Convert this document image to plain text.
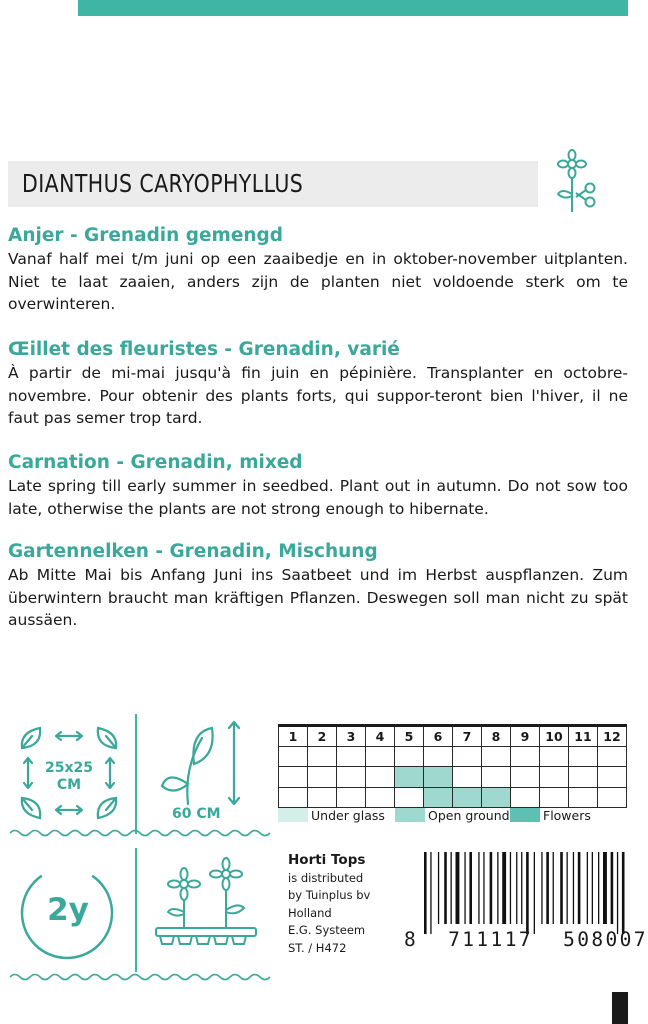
DIANTHUS CARYOPHYLLUS
Anjer - Grenadin gemengd

Vanaf half mei t/m juni op een zaaibedje en in oktober-november uitplanten. Niet te laat zaaien, anders zijn de planten niet voldoende sterk om te overwinteren.

Œillet des fleuristes - Grenadin, varié

À partir de mi-mai jusqu'à fin juin en pépinière. Transplanter en octobre-novembre. Pour obtenir des plants forts, qui suppor-teront bien l'hiver, il ne faut pas semer trop tard.

Carnation - Grenadin, mixed

Late spring till early summer in seedbed. Plant out in autumn. Do not sow too late, otherwise the plants are not strong enough to hibernate.

Gartennelken - Grenadin, Mischung

Ab Mitte Mai bis Anfang Juni ins Saatbeet und im Herbst auspflanzen. Zum überwintern braucht man kräftigen Pflanzen. Deswegen soll man nicht zu spät aussäen.

25x25
CM
60 CM
2y
1	2	3	4	5	6	7	8	9	10	11	12

Under glass	Open ground	Flowers
Horti Tops
is distributed
by Tuinplus bv
Holland
E.G. Systeem
ST. / H472	8 711117 508007
